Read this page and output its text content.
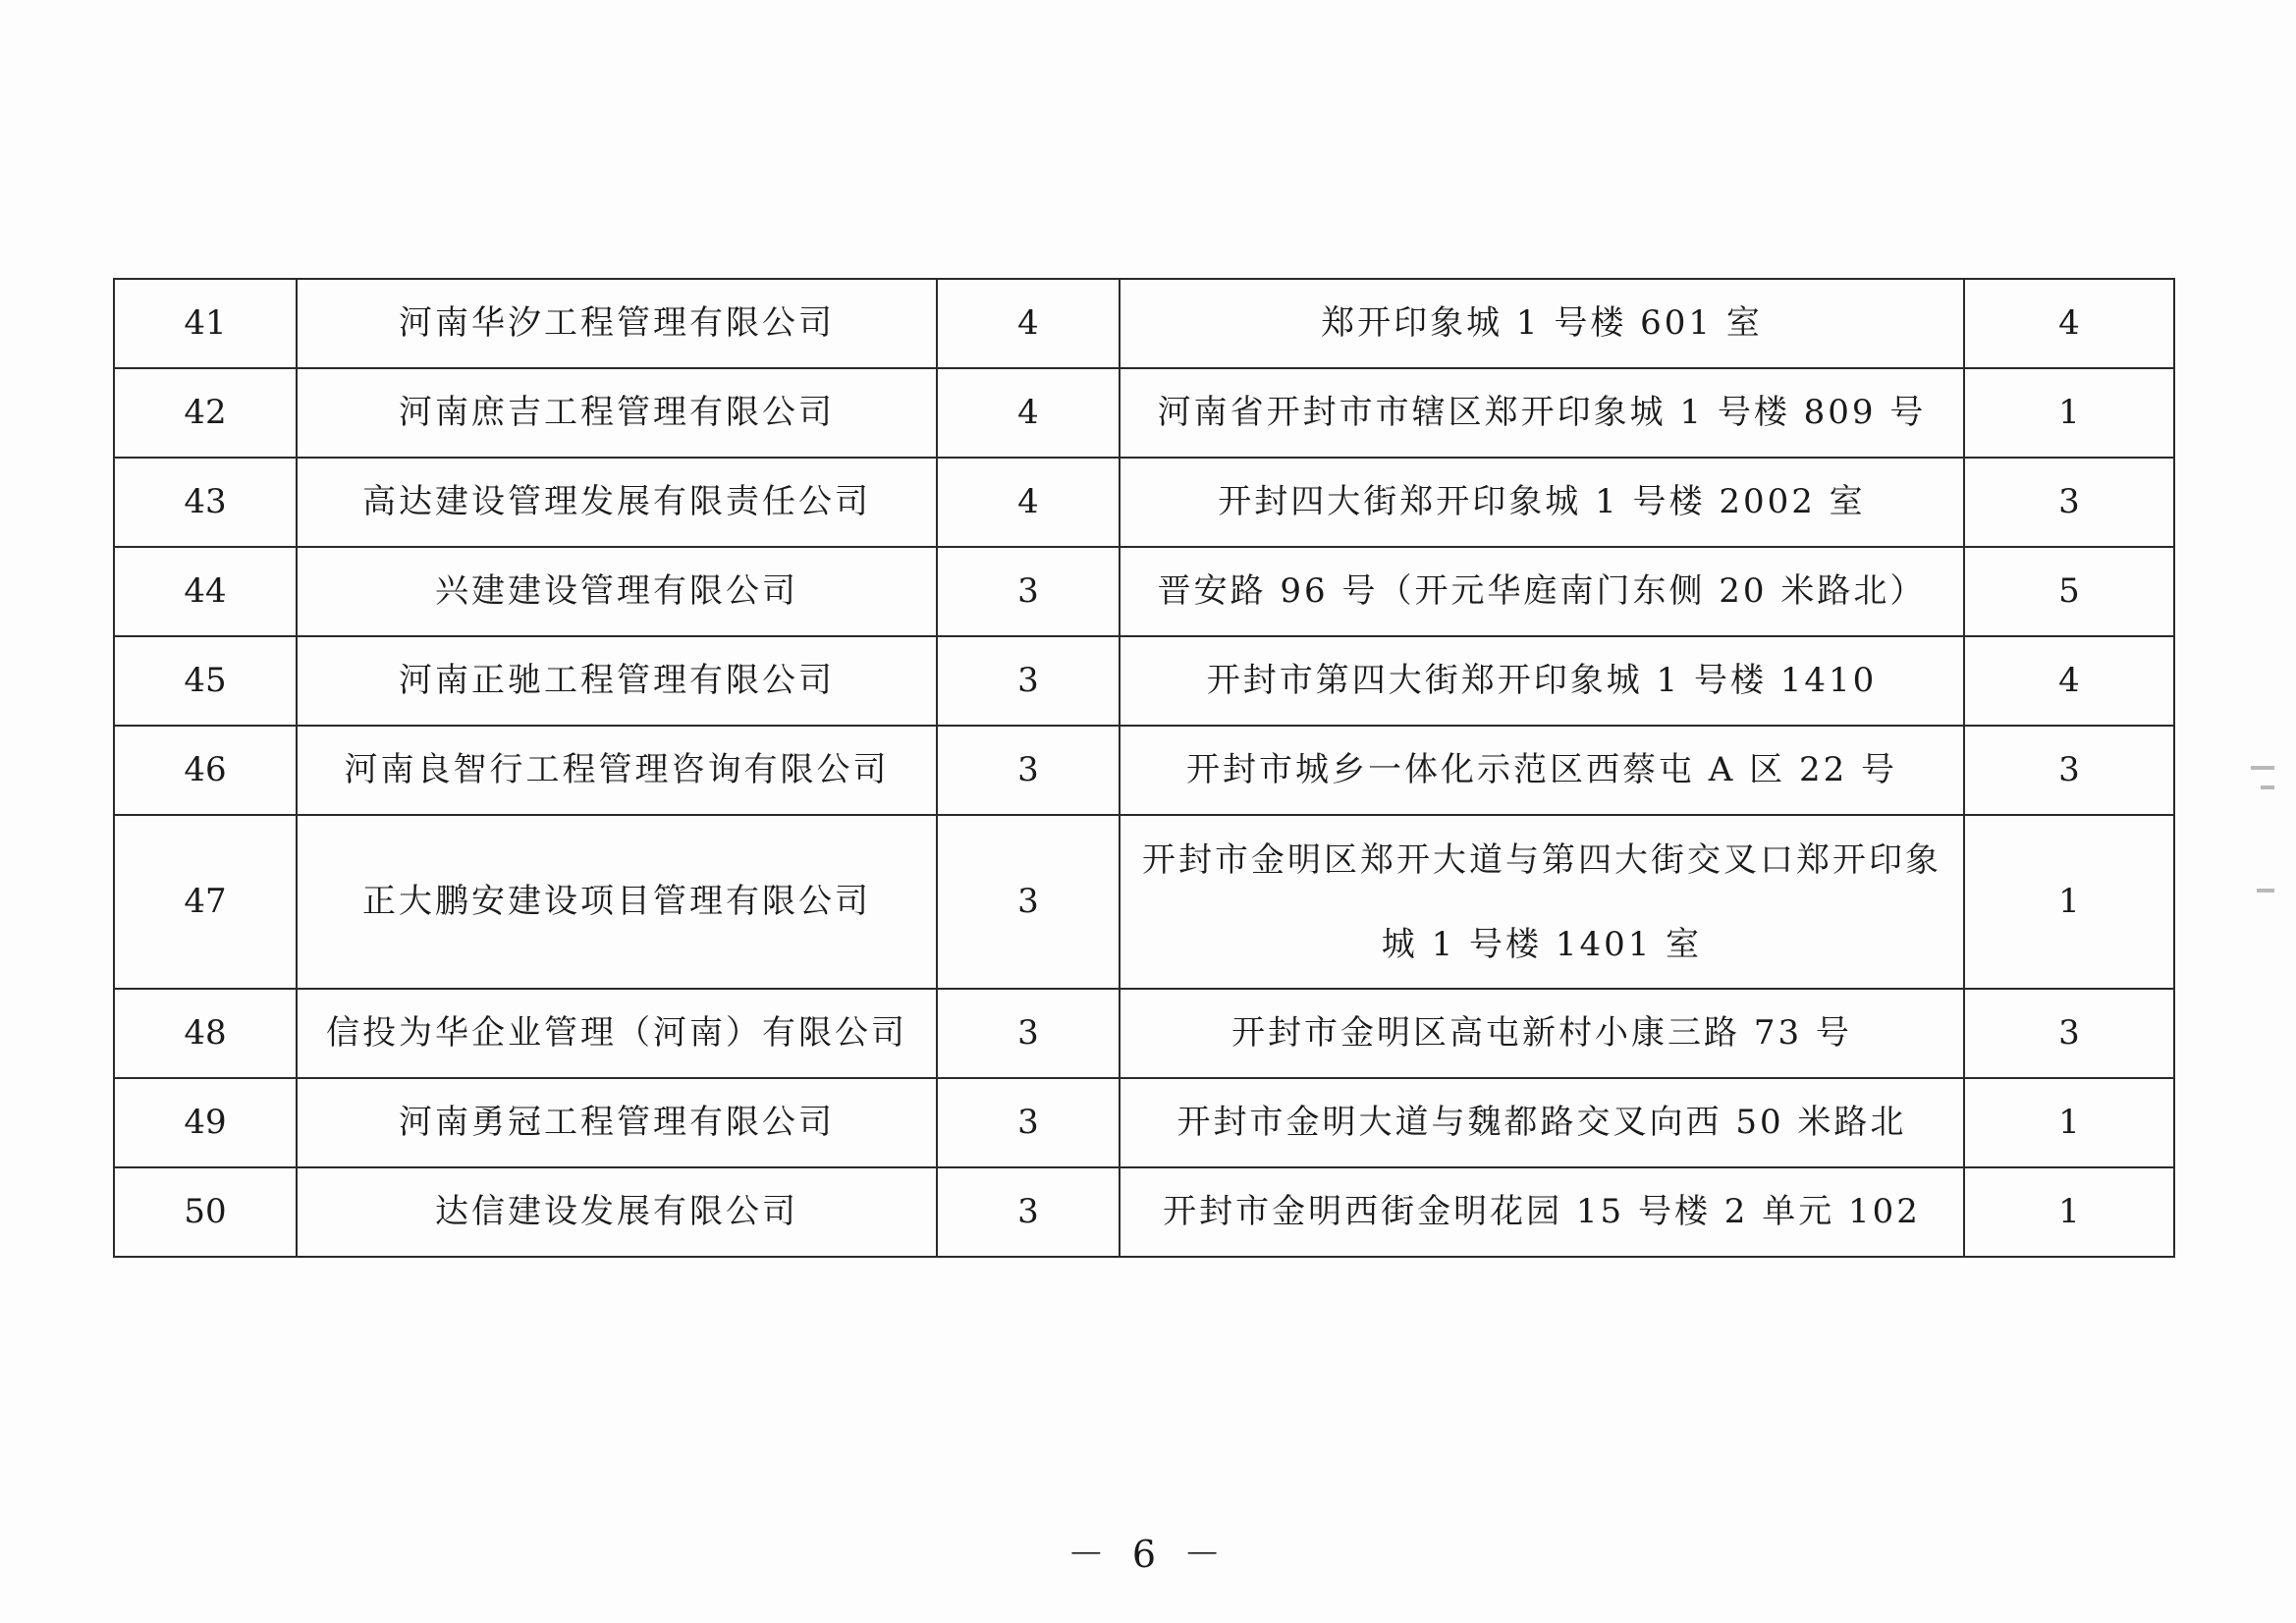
41	河南华汐工程管理有限公司	4	郑开印象城 1 号楼 601 室	4
42	河南庶吉工程管理有限公司	4	河南省开封市市辖区郑开印象城 1 号楼 809 号	1
43	高达建设管理发展有限责任公司	4	开封四大街郑开印象城 1 号楼 2002 室	3
44	兴建建设管理有限公司	3	晋安路 96 号（开元华庭南门东侧 20 米路北）	5
45	河南正驰工程管理有限公司	3	开封市第四大街郑开印象城 1 号楼 1410	4
46	河南良智行工程管理咨询有限公司	3	开封市城乡一体化示范区西蔡屯 A 区 22 号	3
47	正大鹏安建设项目管理有限公司	3	开封市金明区郑开大道与第四大街交叉口郑开印象城 1 号楼 1401 室	1
48	信投为华企业管理（河南）有限公司	3	开封市金明区高屯新村小康三路 73 号	3
49	河南勇冠工程管理有限公司	3	开封市金明大道与魏都路交叉向西 50 米路北	1
50	达信建设发展有限公司	3	开封市金明西街金明花园 15 号楼 2 单元 102	1
－ 6 －
